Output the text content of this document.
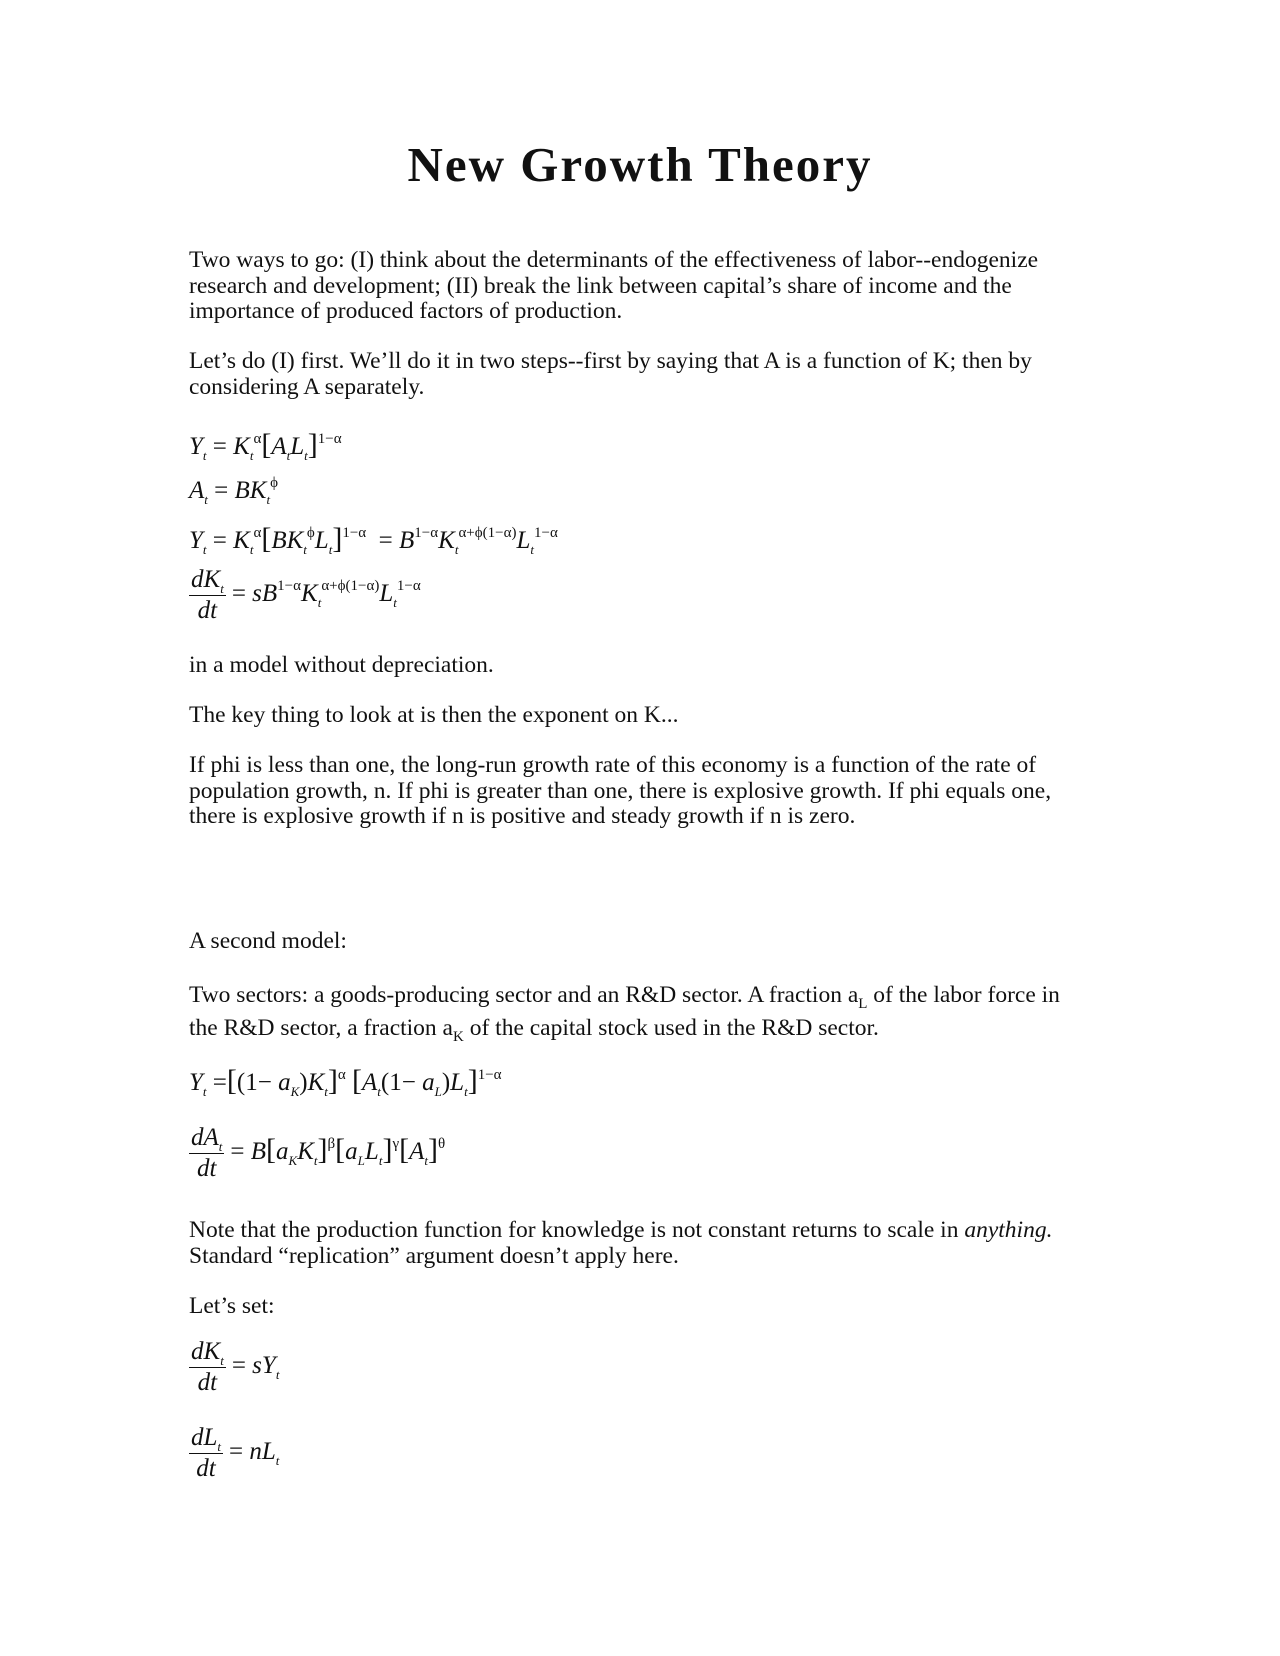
New Growth Theory
Two ways to go: (I) think about the determinants of the effectiveness of labor--endogenize research and development; (II) break the link between capital’s share of income and the importance of produced factors of production.
Let’s do (I) first. We’ll do it in two steps--first by saying that A is a function of K; then by considering A separately.
$Y_t = K_t^\alpha[A_tL_t]^{1-\alpha}$
$A_t = BK_t^\phi$
$Y_t = K_t^\alpha[BK_t^\phi L_t]^{1-\alpha} = B^{1-\alpha}K_t^{\alpha+\phi(1-\alpha)}L_t^{1-\alpha}$
$\frac{dK_t}{dt} = sB^{1-\alpha}K_t^{\alpha+\phi(1-\alpha)}L_t^{1-\alpha}$
in a model without depreciation.
The key thing to look at is then the exponent on K...
If phi is less than one, the long-run growth rate of this economy is a function of the rate of population growth, n. If phi is greater than one, there is explosive growth. If phi equals one, there is explosive growth if n is positive and steady growth if n is zero.
A second model:
Two sectors: a goods-producing sector and an R&D sector. A fraction $a_L$ of the labor force in the R&D sector, a fraction $a_K$ of the capital stock used in the R&D sector.
$Y_t =[(1- a_K)K_t]^\alpha$ $[A_t(1- a_L)L_t]^{1-\alpha}$
$\frac{dA_t}{dt} = B[a_KK_t]^\beta[a_LL_t]^\gamma[A_t]^\theta$
Note that the production function for knowledge is not constant returns to scale in anything. Standard “replication” argument doesn’t apply here.
Let’s set:
$\frac{dK_t}{dt} = sY_t$
$\frac{dL_t}{dt} = nL_t$
